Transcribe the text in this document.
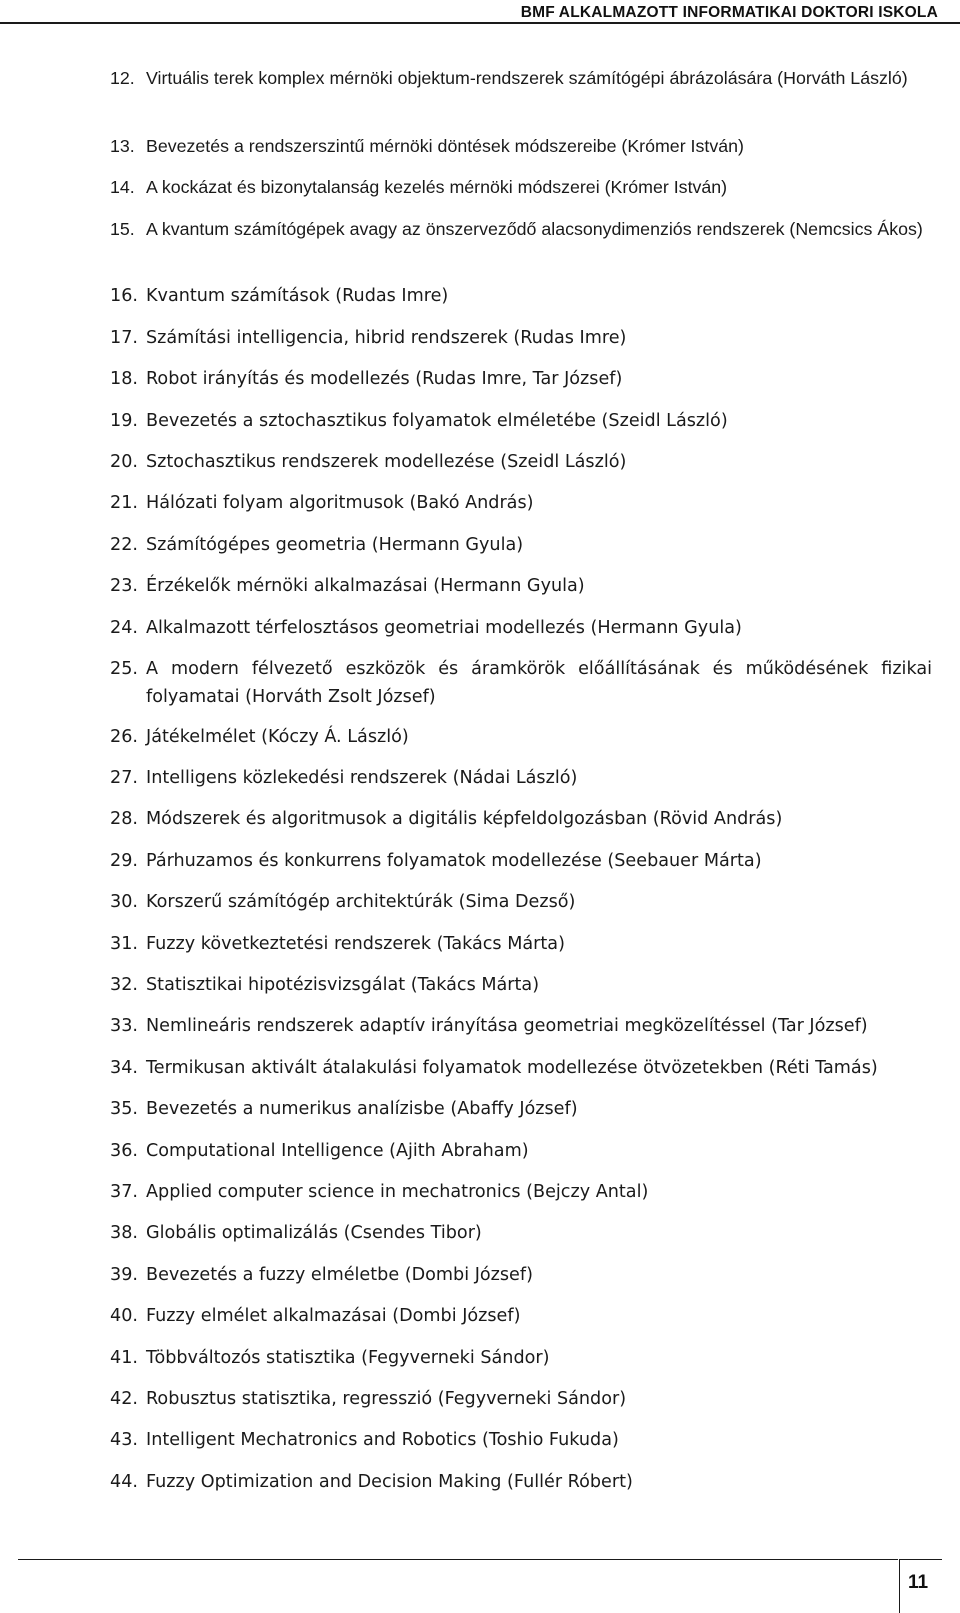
BMF ALKALMAZOTT INFORMATIKAI DOKTORI ISKOLA
12. Virtuális terek komplex mérnöki objektum-rendszerek számítógépi ábrázolására (Horváth László)
13. Bevezetés a rendszerszintű mérnöki döntések módszereibe (Krómer István)
14. A kockázat és bizonytalanság kezelés mérnöki módszerei (Krómer István)
15. A kvantum számítógépek avagy az önszerveződő alacsonydimenziós rendszerek (Nemcsics Ákos)
16. Kvantum számítások (Rudas Imre)
17. Számítási intelligencia, hibrid rendszerek (Rudas Imre)
18. Robot irányítás és modellezés (Rudas Imre, Tar József)
19. Bevezetés a sztochasztikus folyamatok elméletébe (Szeidl László)
20. Sztochasztikus rendszerek modellezése (Szeidl László)
21. Hálózati folyam algoritmusok (Bakó András)
22. Számítógépes geometria (Hermann Gyula)
23. Érzékelők mérnöki alkalmazásai (Hermann Gyula)
24. Alkalmazott térfelosztásos geometriai modellezés (Hermann Gyula)
25. A modern félvezető eszközök és áramkörök előállításának és működésének fizikai folyamatai (Horváth Zsolt József)
26. Játékelmélet (Kóczy Á. László)
27. Intelligens közlekedési rendszerek (Nádai László)
28. Módszerek és algoritmusok a digitális képfeldolgozásban (Rövid András)
29. Párhuzamos és konkurrens folyamatok modellezése (Seebauer Márta)
30. Korszerű számítógép architektúrák (Sima Dezső)
31. Fuzzy következtetési rendszerek (Takács Márta)
32. Statisztikai hipotézisvizsgálat (Takács Márta)
33. Nemlineáris rendszerek adaptív irányítása geometriai megközelítéssel (Tar József)
34. Termikusan aktivált átalakulási folyamatok modellezése ötvözetekben (Réti Tamás)
35. Bevezetés a numerikus analízisbe (Abaffy József)
36. Computational Intelligence (Ajith Abraham)
37. Applied computer science in mechatronics (Bejczy Antal)
38. Globális optimalizálás (Csendes Tibor)
39. Bevezetés a fuzzy elméletbe (Dombi József)
40. Fuzzy elmélet alkalmazásai (Dombi József)
41. Többváltozós statisztika (Fegyverneki Sándor)
42. Robusztus statisztika, regresszió (Fegyverneki Sándor)
43. Intelligent Mechatronics and Robotics (Toshio Fukuda)
44. Fuzzy Optimization and Decision Making (Fullér Róbert)
11
